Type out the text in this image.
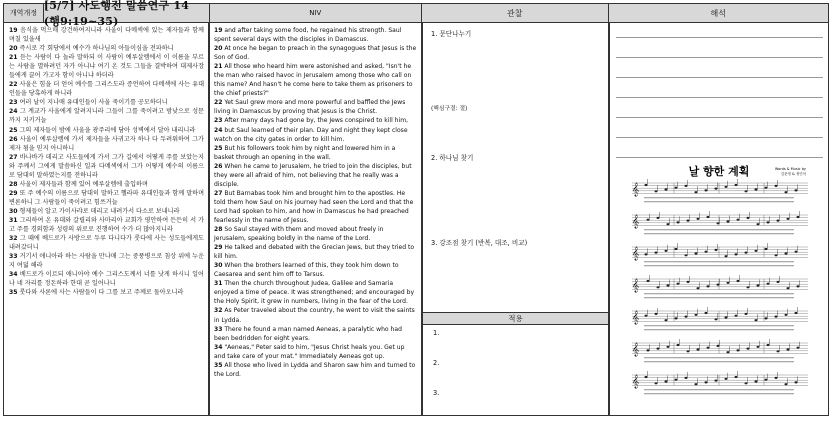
개역개정
[5/7] 사도행전 말씀연구 14 (행9:19~35)
NIV	관찰	해석

19 음식을 먹으매 강건하여지니라 사울이 다메섹에 있는 제자들과 함께 며칠 있을새

20 즉시로 각 회당에서 예수가 하나님의 아들이심을 전파하니

21 듣는 사람이 다 놀라 말하되 이 사람이 예루살렘에서 이 이름을 부르는 사람을 멸하려던 자가 아니냐 여기 온 것도 그들을 결박하여 대제사장들에게 끌어 가고자 함이 아니냐 하더라

22 사울은 힘을 더 얻어 예수를 그리스도라 증언하여 다메섹에 사는 유대인들을 당혹하게 하니라

23 여러 날이 지나매 유대인들이 사울 죽이기를 공모하더니

24 그 계교가 사울에게 알려지니라 그들이 그를 죽이려고 밤낮으로 성문까지 지키거늘

25 그의 제자들이 밤에 사울을 광주리에 담아 성벽에서 달아 내리니라

26 사울이 예루살렘에 가서 제자들을 사귀고자 하나 다 두려워하여 그가 제자 됨을 믿지 아니하니

27 바나바가 데리고 사도들에게 가서 그가 길에서 어떻게 주를 보았는지와 주께서 그에게 말씀하신 일과 다메섹에서 그가 어떻게 예수의 이름으로 담대히 말하였는지를 전하니라

28 사울이 제자들과 함께 있어 예루살렘에 출입하며

29 또 주 예수의 이름으로 담대히 말하고 헬라파 유대인들과 함께 말하며 변론하니 그 사람들이 죽이려고 힘쓰거늘

30 형제들이 알고 가이사랴로 데리고 내려가서 다소로 보내니라

31 그리하여 온 유대와 갈릴리와 사마리아 교회가 평안하여 든든히 서 가고 주를 경외함과 성령의 위로로 진행하여 수가 더 많아지니라

32 그 때에 베드로가 사방으로 두루 다니다가 룻다에 사는 성도들에게도 내려갔더니

33 거기서 애니아라 하는 사람을 만나매 그는 중풍병으로 침상 위에 누운 지 여덟 해라

34 베드로가 이르되 애니아야 예수 그리스도께서 너를 낫게 하시니 일어나 네 자리를 정돈하라 한대 곧 일어나니

35 룻다와 사론에 사는 사람들이 다 그를 보고 주께로 돌아오니라

19 and after taking some food, he regained his strength. Saul spent several days with the disciples in Damascus.

20 At once he began to preach in the synagogues that Jesus is the Son of God.

21 All those who heard him were astonished and asked, "Isn't he the man who raised havoc in Jerusalem among those who call on this name? And hasn't he come here to take them as prisoners to the chief priests?"

22 Yet Saul grew more and more powerful and baffled the Jews living in Damascus by proving that Jesus is the Christ.

23 After many days had gone by, the Jews conspired to kill him,

24 but Saul learned of their plan. Day and night they kept close watch on the city gates in order to kill him.

25 But his followers took him by night and lowered him in a basket through an opening in the wall.

26 When he came to Jerusalem, he tried to join the disciples, but they were all afraid of him, not believing that he really was a disciple.

27 But Barnabas took him and brought him to the apostles. He told them how Saul on his journey had seen the Lord and that the Lord had spoken to him, and how in Damascus he had preached fearlessly in the name of Jesus.

28 So Saul stayed with them and moved about freely in Jerusalem, speaking boldly in the name of the Lord.

29 He talked and debated with the Grecian Jews, but they tried to kill him.

30 When the brothers learned of this, they took him down to Caesarea and sent him off to Tarsus.

31 Then the church throughout Judea, Galilee and Samaria enjoyed a time of peace. It was strengthened; and encouraged by the Holy Spirit, it grew in numbers, living in the fear of the Lord.

32 As Peter traveled about the country, he went to visit the saints in Lydda.

33 There he found a man named Aeneas, a paralytic who had been bedridden for eight years.

34 "Aeneas," Peter said to him, "Jesus Christ heals you. Get up and take care of your mat." Immediately Aeneas got up.

35 All those who lived in Lydda and Sharon saw him and turned to the Lord.

1. 문단나누기
(핵심구절: 절)
2. 하나님 찾기
3. 강조점 찾기 (반복, 대조, 비교)
적용
1.
2.
3.
날 향한 계획	Words & Music by
김문영 & 정인석
𝄞
𝄞
𝄞
𝄞
𝄞
𝄞
𝄞
